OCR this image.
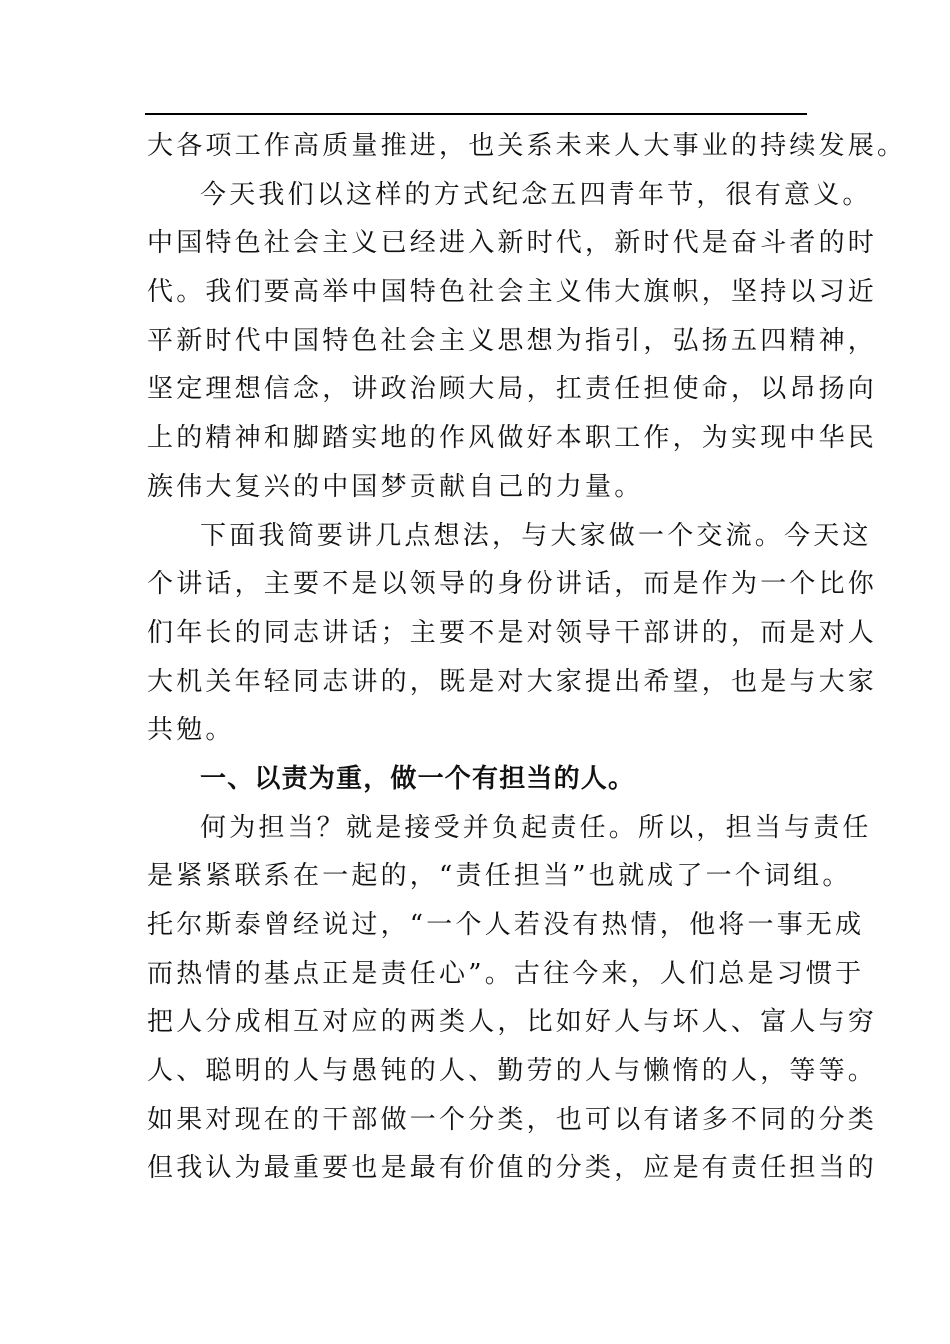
大各项工作高质量推进，也关系未来人大事业的持续发展。
今天我们以这样的方式纪念五四青年节，很有意义。
中国特色社会主义已经进入新时代，新时代是奋斗者的时
代。我们要高举中国特色社会主义伟大旗帜，坚持以习近
平新时代中国特色社会主义思想为指引，弘扬五四精神，
坚定理想信念，讲政治顾大局，扛责任担使命，以昂扬向
上的精神和脚踏实地的作风做好本职工作，为实现中华民
族伟大复兴的中国梦贡献自己的力量。
下面我简要讲几点想法，与大家做一个交流。今天这
个讲话，主要不是以领导的身份讲话，而是作为一个比你
们年长的同志讲话；主要不是对领导干部讲的，而是对人
大机关年轻同志讲的，既是对大家提出希望，也是与大家
共勉。
一、以责为重，做一个有担当的人。
何为担当？就是接受并负起责任。所以，担当与责任
是紧紧联系在一起的，“责任担当”也就成了一个词组。
托尔斯泰曾经说过，“一个人若没有热情，他将一事无成
而热情的基点正是责任心”。古往今来，人们总是习惯于
把人分成相互对应的两类人，比如好人与坏人、富人与穷
人、聪明的人与愚钝的人、勤劳的人与懒惰的人，等等。
如果对现在的干部做一个分类，也可以有诸多不同的分类
但我认为最重要也是最有价值的分类，应是有责任担当的
